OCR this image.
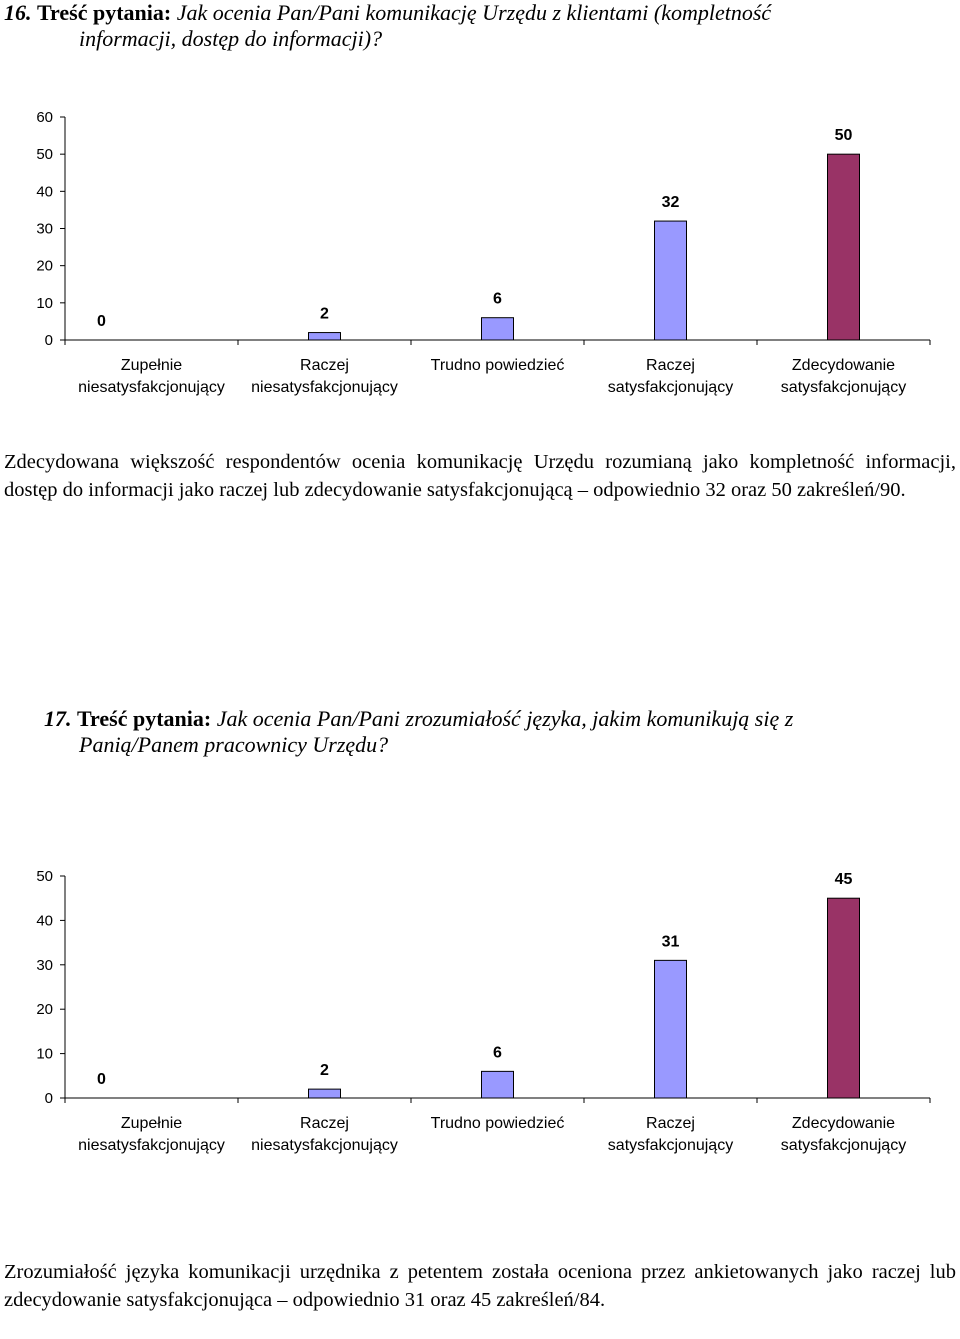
16. Treść pytania: Jak ocenia Pan/Pani komunikację Urzędu z klientami (kompletność
informacji, dostęp do informacji)?
0
10
20
30
40
50
60
0
Zupełnie
niesatysfakcjonujący
2
Raczej
niesatysfakcjonujący
6
Trudno powiedzieć
32
Raczej
satysfakcjonujący
50
Zdecydowanie
satysfakcjonujący
Zdecydowana większość respondentów ocenia komunikację Urzędu rozumianą jako kompletność informacji, dostęp do informacji jako raczej lub zdecydowanie satysfakcjonującą – odpowiednio 32 oraz 50 zakreśleń/90.
17. Treść pytania: Jak ocenia Pan/Pani zrozumiałość języka, jakim komunikują się z
Panią/Panem pracownicy Urzędu?
0
10
20
30
40
50
0
Zupełnie
niesatysfakcjonujący
2
Raczej
niesatysfakcjonujący
6
Trudno powiedzieć
31
Raczej
satysfakcjonujący
45
Zdecydowanie
satysfakcjonujący
Zrozumiałość języka komunikacji urzędnika z petentem została oceniona przez ankietowanych jako raczej lub zdecydowanie satysfakcjonująca – odpowiednio 31 oraz 45 zakreśleń/84.
